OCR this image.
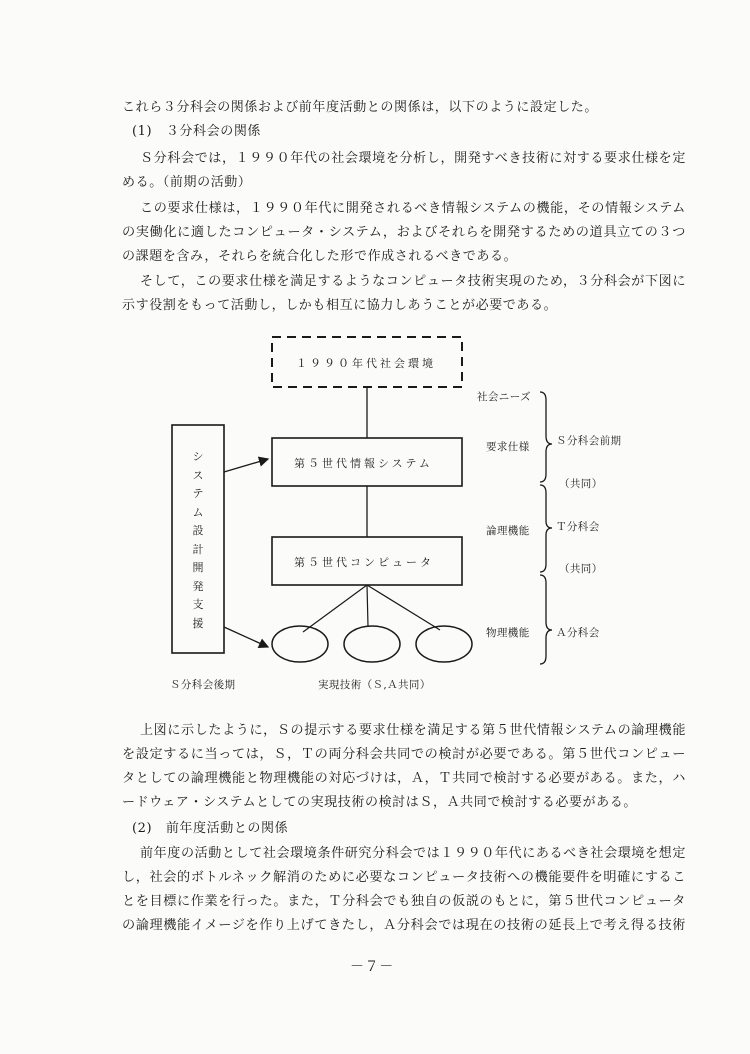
これら３分科会の関係および前年度活動との関係は，以下のように設定した。
(1)　３分科会の関係
Ｓ分科会では，１９９０年代の社会環境を分析し，開発すべき技術に対する要求仕様を定
める。（前期の活動）
この要求仕様は，１９９０年代に開発されるべき情報システムの機能，その情報システム
の実働化に適したコンピュータ・システム，およびそれらを開発するための道具立ての３つ
の課題を含み，それらを統合化した形で作成されるべきである。
そして，この要求仕様を満足するようなコンピュータ技術実現のため，３分科会が下図に
示す役割をもって活動し，しかも相互に協力しあうことが必要である。
１９９０年代社会環境
第５世代情報システム
第５世代コンピュータ
シ
ス
テ
ム
設
計
開
発
支
援
社会ニーズ
要求仕様
論理機能
物理機能
Ｓ分科会前期
（共同）
Ｔ分科会
（共同）
Ａ分科会
Ｓ分科会後期	実現技術（Ｓ,Ａ共同）
上図に示したように，Ｓの提示する要求仕様を満足する第５世代情報システムの論理機能
を設定するに当っては，Ｓ，Ｔの両分科会共同での検討が必要である。第５世代コンピュー
タとしての論理機能と物理機能の対応づけは，Ａ，Ｔ共同で検討する必要がある。また，ハ
ードウェア・システムとしての実現技術の検討はＳ，Ａ共同で検討する必要がある。
(2)　前年度活動との関係
前年度の活動として社会環境条件研究分科会では１９９０年代にあるべき社会環境を想定
し，社会的ボトルネック解消のために必要なコンピュータ技術への機能要件を明確にするこ
とを目標に作業を行った。また，Ｔ分科会でも独自の仮説のもとに，第５世代コンピュータ
の論理機能イメージを作り上げてきたし，Ａ分科会では現在の技術の延長上で考え得る技術
－７－
